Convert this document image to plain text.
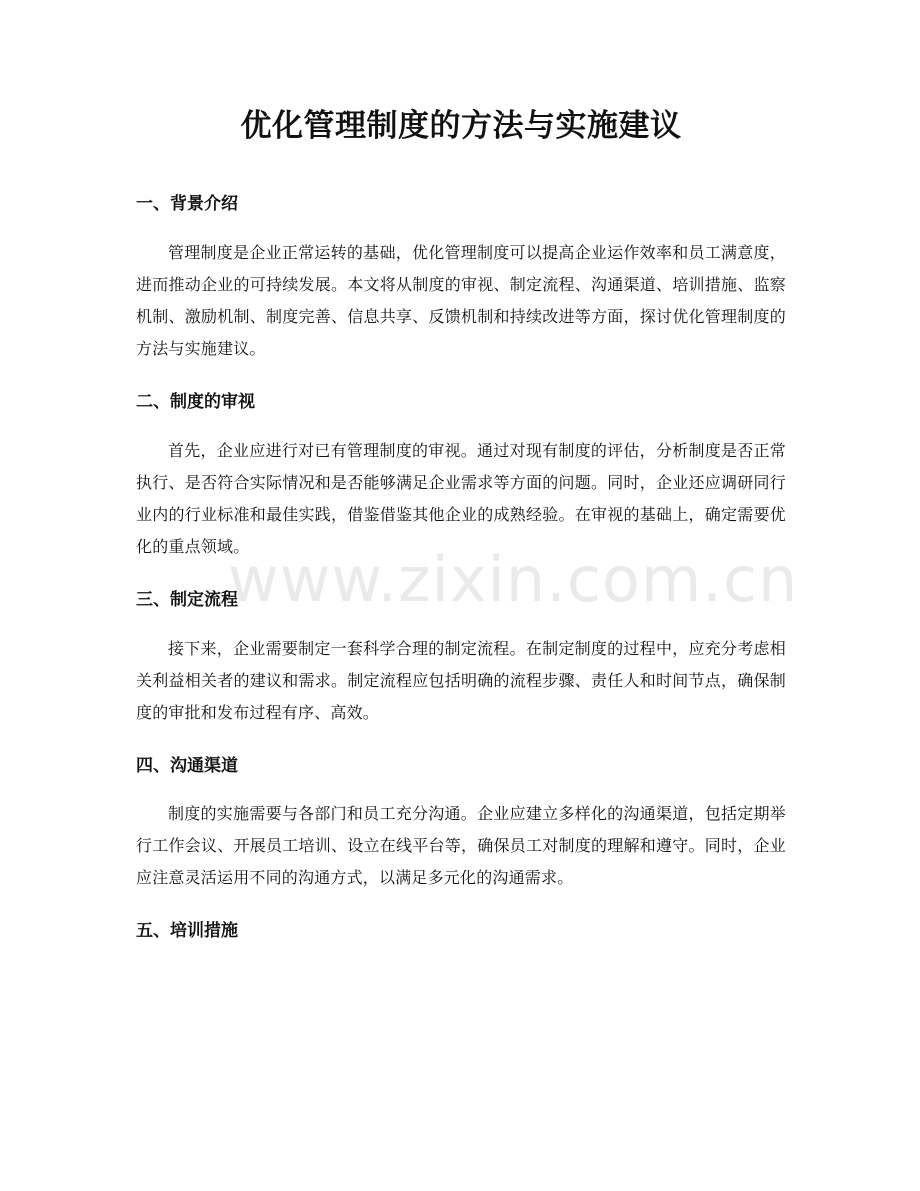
优化管理制度的方法与实施建议
一、背景介绍

管理制度是企业正常运转的基础，优化管理制度可以提高企业运作效率和员工满意度，进而推动企业的可持续发展。本文将从制度的审视、制定流程、沟通渠道、培训措施、监察机制、激励机制、制度完善、信息共享、反馈机制和持续改进等方面，探讨优化管理制度的方法与实施建议。

二、制度的审视

首先，企业应进行对已有管理制度的审视。通过对现有制度的评估，分析制度是否正常执行、是否符合实际情况和是否能够满足企业需求等方面的问题。同时，企业还应调研同行业内的行业标准和最佳实践，借鉴借鉴其他企业的成熟经验。在审视的基础上，确定需要优化的重点领域。

三、制定流程

接下来，企业需要制定一套科学合理的制定流程。在制定制度的过程中，应充分考虑相关利益相关者的建议和需求。制定流程应包括明确的流程步骤、责任人和时间节点，确保制度的审批和发布过程有序、高效。

四、沟通渠道

制度的实施需要与各部门和员工充分沟通。企业应建立多样化的沟通渠道，包括定期举行工作会议、开展员工培训、设立在线平台等，确保员工对制度的理解和遵守。同时，企业应注意灵活运用不同的沟通方式，以满足多元化的沟通需求。

五、培训措施
www.zixin.com.cn
